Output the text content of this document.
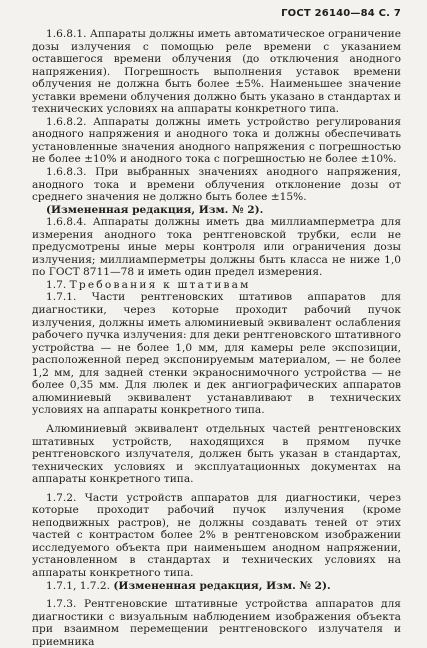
ГОСТ 26140—84 С. 7

1.6.8.1. Аппараты должны иметь автоматическое ограничение дозы излучения с помощью реле времени с указанием оставшегося времени облучения (до отключения анодного напряжения). Погрешность выполнения уставок времени облучения не должна быть более ±5%. Наименьшее значение уставки времени облучения должно быть указано в стандартах и технических условиях на аппараты конкретного типа.

1.6.8.2. Аппараты должны иметь устройство регулирования анодного напряжения и анодного тока и должны обеспечивать установленные значения анодного напряжения с погрешностью не более ±10% и анодного тока с погрешностью не более ±10%.

1.6.8.3. При выбранных значениях анодного напряжения, анодного тока и времени облучения отклонение дозы от среднего значения не должно быть более ±15%.

(Измененная редакция, Изм. № 2).

1.6.8.4. Аппараты должны иметь два миллиамперметра для измерения анодного тока рентгеновской трубки, если не предусмотрены иные меры контроля или ограничения дозы излучения; миллиамперметры должны быть класса не ниже 1,0 по ГОСТ 8711—78 и иметь один предел измерения.

1.7. Требования к штативам

1.7.1. Части рентгеновских штативов аппаратов для диагностики, через которые проходит рабочий пучок излучения, должны иметь алюминиевый эквивалент ослабления рабочего пучка излучения: для деки рентгеновского штативного устройства — не более 1,0 мм, для камеры реле экспозиции, расположенной перед экспонируемым материалом, — не более 1,2 мм, для задней стенки экраноснимочного устройства — не более 0,35 мм. Для люлек и дек ангиографических аппаратов алюминиевый эквивалент устанавливают в технических условиях на аппараты конкретного типа.

Алюминиевый эквивалент отдельных частей рентгеновских штативных устройств, находящихся в прямом пучке рентгеновского излучателя, должен быть указан в стандартах, технических условиях и эксплуатационных документах на аппараты конкретного типа.

1.7.2. Части устройств аппаратов для диагностики, через которые проходит рабочий пучок излучения (кроме неподвижных растров), не должны создавать теней от этих частей с контрастом более 2% в рентгеновском изображении исследуемого объекта при наименьшем анодном напряжении, установленном в стандартах и технических условиях на аппараты конкретного типа.

1.7.1, 1.7.2. (Измененная редакция, Изм. № 2).

1.7.3. Рентгеновские штативные устройства аппаратов для диагностики с визуальным наблюдением изображения объекта при взаимном перемещении рентгеновского излучателя и приемника
